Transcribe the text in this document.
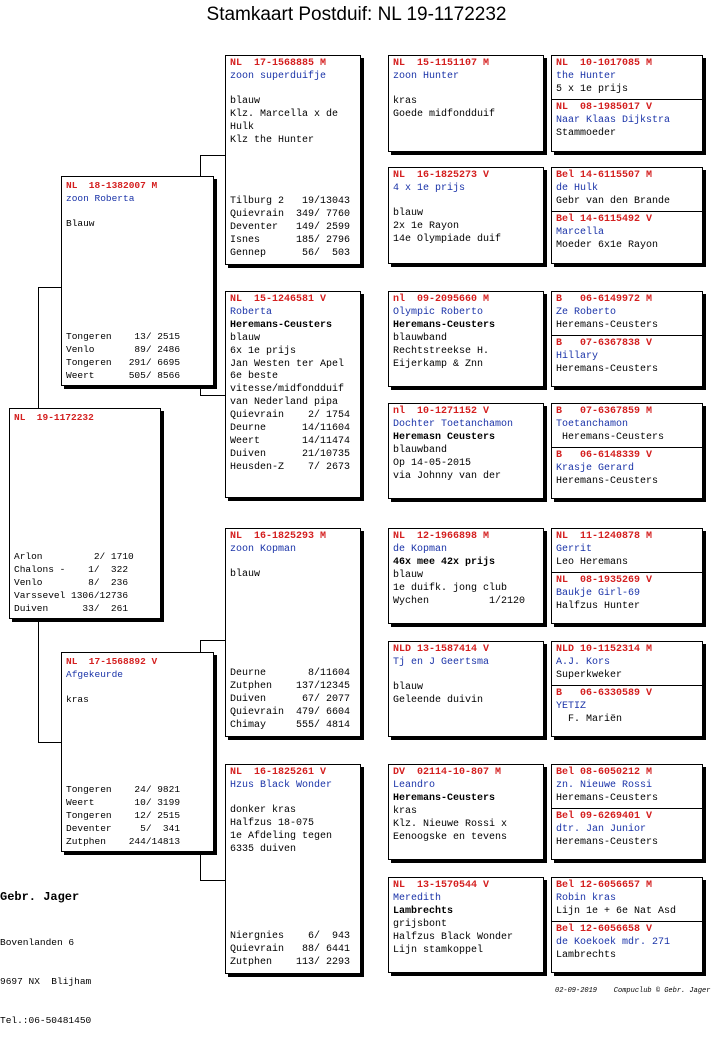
Stamkaart Postduif: NL 19-1172232
NL  19-1172232
Arlon         2/ 1710
Chalons -    1/  322
Venlo        8/  236
Varssevel 1306/12736
Duiven      33/  261
NL  18-1382007 M
zoon Roberta
Blauw
Tongeren    13/ 2515
Venlo       89/ 2486
Tongeren   291/ 6695
Weert      505/ 8566
NL  17-1568892 V
Afgekeurde
kras
Tongeren    24/ 9821
Weert       10/ 3199
Tongeren    12/ 2515
Deventer     5/  341
Zutphen    244/14813
NL  17-1568885 M
zoon superduifje
blauw
Klz. Marcella x de
Hulk
Klz the Hunter
Tilburg 2   19/13043
Quievrain  349/ 7760
Deventer   149/ 2599
Isnes      185/ 2796
Gennep      56/  503
NL  15-1246581 V
Roberta
Heremans-Ceusters
blauw
6x 1e prijs
Jan Westen ter Apel
6e beste
vitesse/midfondduif
van Nederland pipa
Quievrain    2/ 1754
Deurne      14/11604
Weert       14/11474
Duiven      21/10735
Heusden-Z    7/ 2673
NL  16-1825293 M
zoon Kopman
blauw
Deurne       8/11604
Zutphen    137/12345
Duiven      67/ 2077
Quievrain  479/ 6604
Chimay     555/ 4814
NL  16-1825261 V
Hzus Black Wonder
donker kras
Halfzus 18-075
1e Afdeling tegen
6335 duiven
Niergnies    6/  943
Quievrain   88/ 6441
Zutphen    113/ 2293
NL  15-1151107 M
zoon Hunter
kras
Goede midfondduif
NL  16-1825273 V
4 x 1e prijs
blauw
2x 1e Rayon
14e Olympiade duif
nl  09-2095660 M
Olympic Roberto
Heremans-Ceusters
blauwband
Rechtstreekse H.
Eijerkamp & Znn
nl  10-1271152 V
Dochter Toetanchamon
Heremasn Ceusters
blauwband
Op 14-05-2015
via Johnny van der
NL  12-1966898 M
de Kopman
46x mee 42x prijs
blauw
1e duifk. jong club
Wychen          1/2120
NLD 13-1587414 V
Tj en J Geertsma
blauw
Geleende duivin
DV  02114-10-807 M
Leandro
Heremans-Ceusters
kras
Klz. Nieuwe Rossi x
Eenoogske en tevens
NL  13-1570544 V
Meredith
Lambrechts
grijsbont
Halfzus Black Wonder
Lijn stamkoppel
NL  10-1017085 M
the Hunter
5 x 1e prijs
NL  08-1985017 V
Naar Klaas Dijkstra
Stammoeder
Bel 14-6115507 M
de Hulk
Gebr van den Brande
Bel 14-6115492 V
Marcella
Moeder 6x1e Rayon
B   06-6149972 M
Ze Roberto
Heremans-Ceusters
B   07-6367838 V
Hillary
Heremans-Ceusters
B   07-6367859 M
Toetanchamon
Heremans-Ceusters
B   06-6148339 V
Krasje Gerard
Heremans-Ceusters
NL  11-1240878 M
Gerrit
Leo Heremans
NL  08-1935269 V
Baukje Girl-69
Halfzus Hunter
NLD 10-1152314 M
A.J. Kors
Superkweker
B   06-6330589 V
YETIZ
F. Mariën
Bel 08-6050212 M
zn. Nieuwe Rossi
Heremans-Ceusters
Bel 09-6269401 V
dtr. Jan Junior
Heremans-Ceusters
Bel 12-6056657 M
Robin kras
Lijn 1e + 6e Nat Asd
Bel 12-6056658 V
de Koekoek mdr. 271
Lambrechts
Gebr. Jager

Bovenlanden 6

9697 NX  Blijham

Tel.:06-50481450

02-09-2019    Compuclub © Gebr. Jager
